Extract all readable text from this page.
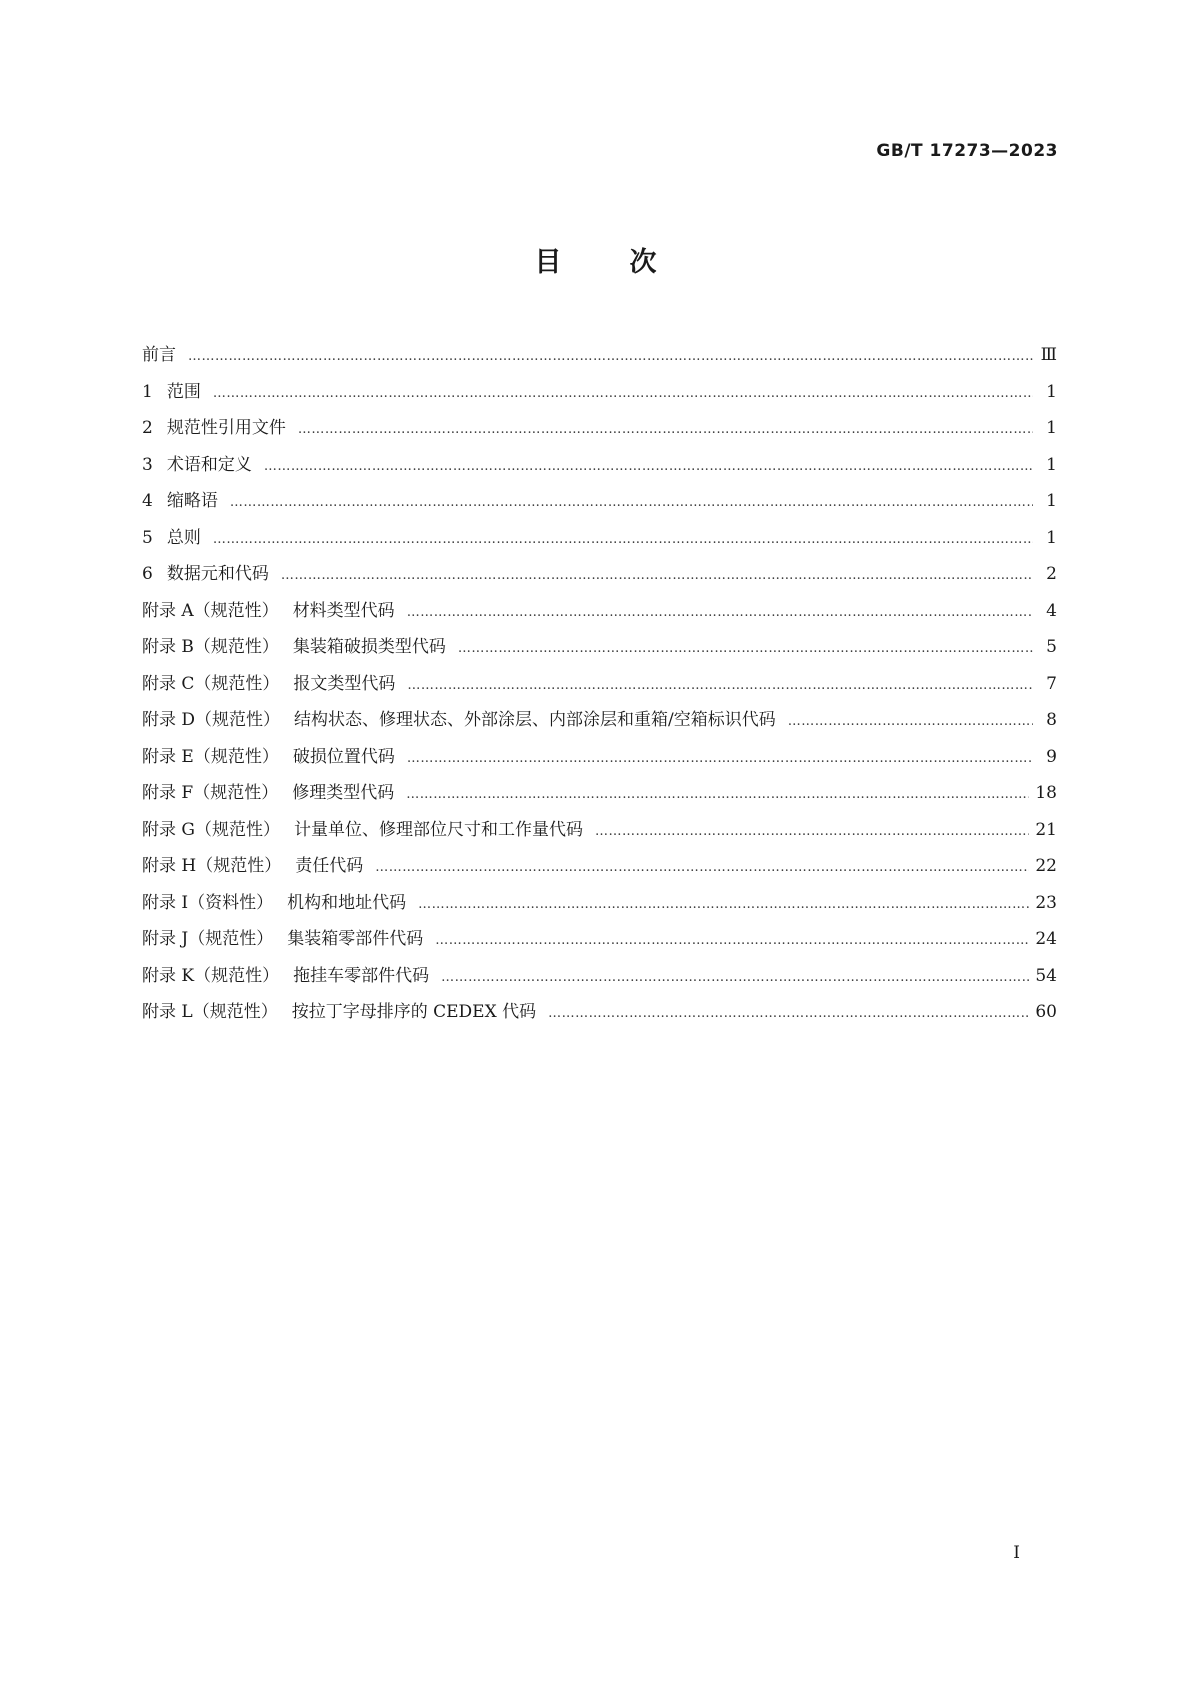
GB/T 17273—2023

目次
前言 ……………………………………………………………………………………………………………………………………………………………………………………………………	Ⅲ
1 范围 ……………………………………………………………………………………………………………………………………………………………………………………………………	1
2 规范性引用文件 ……………………………………………………………………………………………………………………………………………………………………………………………………	1
3 术语和定义 ……………………………………………………………………………………………………………………………………………………………………………………………………	1
4 缩略语 ……………………………………………………………………………………………………………………………………………………………………………………………………	1
5 总则 ……………………………………………………………………………………………………………………………………………………………………………………………………	1
6 数据元和代码 ……………………………………………………………………………………………………………………………………………………………………………………………………	2
附录 A（规范性） 材料类型代码 ……………………………………………………………………………………………………………………………………………………………………………………………………	4
附录 B（规范性） 集装箱破损类型代码 ……………………………………………………………………………………………………………………………………………………………………………………………………	5
附录 C（规范性） 报文类型代码 ……………………………………………………………………………………………………………………………………………………………………………………………………	7
附录 D（规范性） 结构状态、修理状态、外部涂层、内部涂层和重箱/空箱标识代码 ……………………………………………………………………………………………………………………………………………………………………………………………………	8
附录 E（规范性） 破损位置代码 ……………………………………………………………………………………………………………………………………………………………………………………………………	9
附录 F（规范性） 修理类型代码 ……………………………………………………………………………………………………………………………………………………………………………………………………	18
附录 G（规范性） 计量单位、修理部位尺寸和工作量代码 ……………………………………………………………………………………………………………………………………………………………………………………………………	21
附录 H（规范性） 责任代码 ……………………………………………………………………………………………………………………………………………………………………………………………………	22
附录 I（资料性） 机构和地址代码 ……………………………………………………………………………………………………………………………………………………………………………………………………	23
附录 J（规范性） 集装箱零部件代码 ……………………………………………………………………………………………………………………………………………………………………………………………………	24
附录 K（规范性） 拖挂车零部件代码 ……………………………………………………………………………………………………………………………………………………………………………………………………	54
附录 L（规范性） 按拉丁字母排序的 CEDEX 代码 ……………………………………………………………………………………………………………………………………………………………………………………………………	60

Ⅰ
